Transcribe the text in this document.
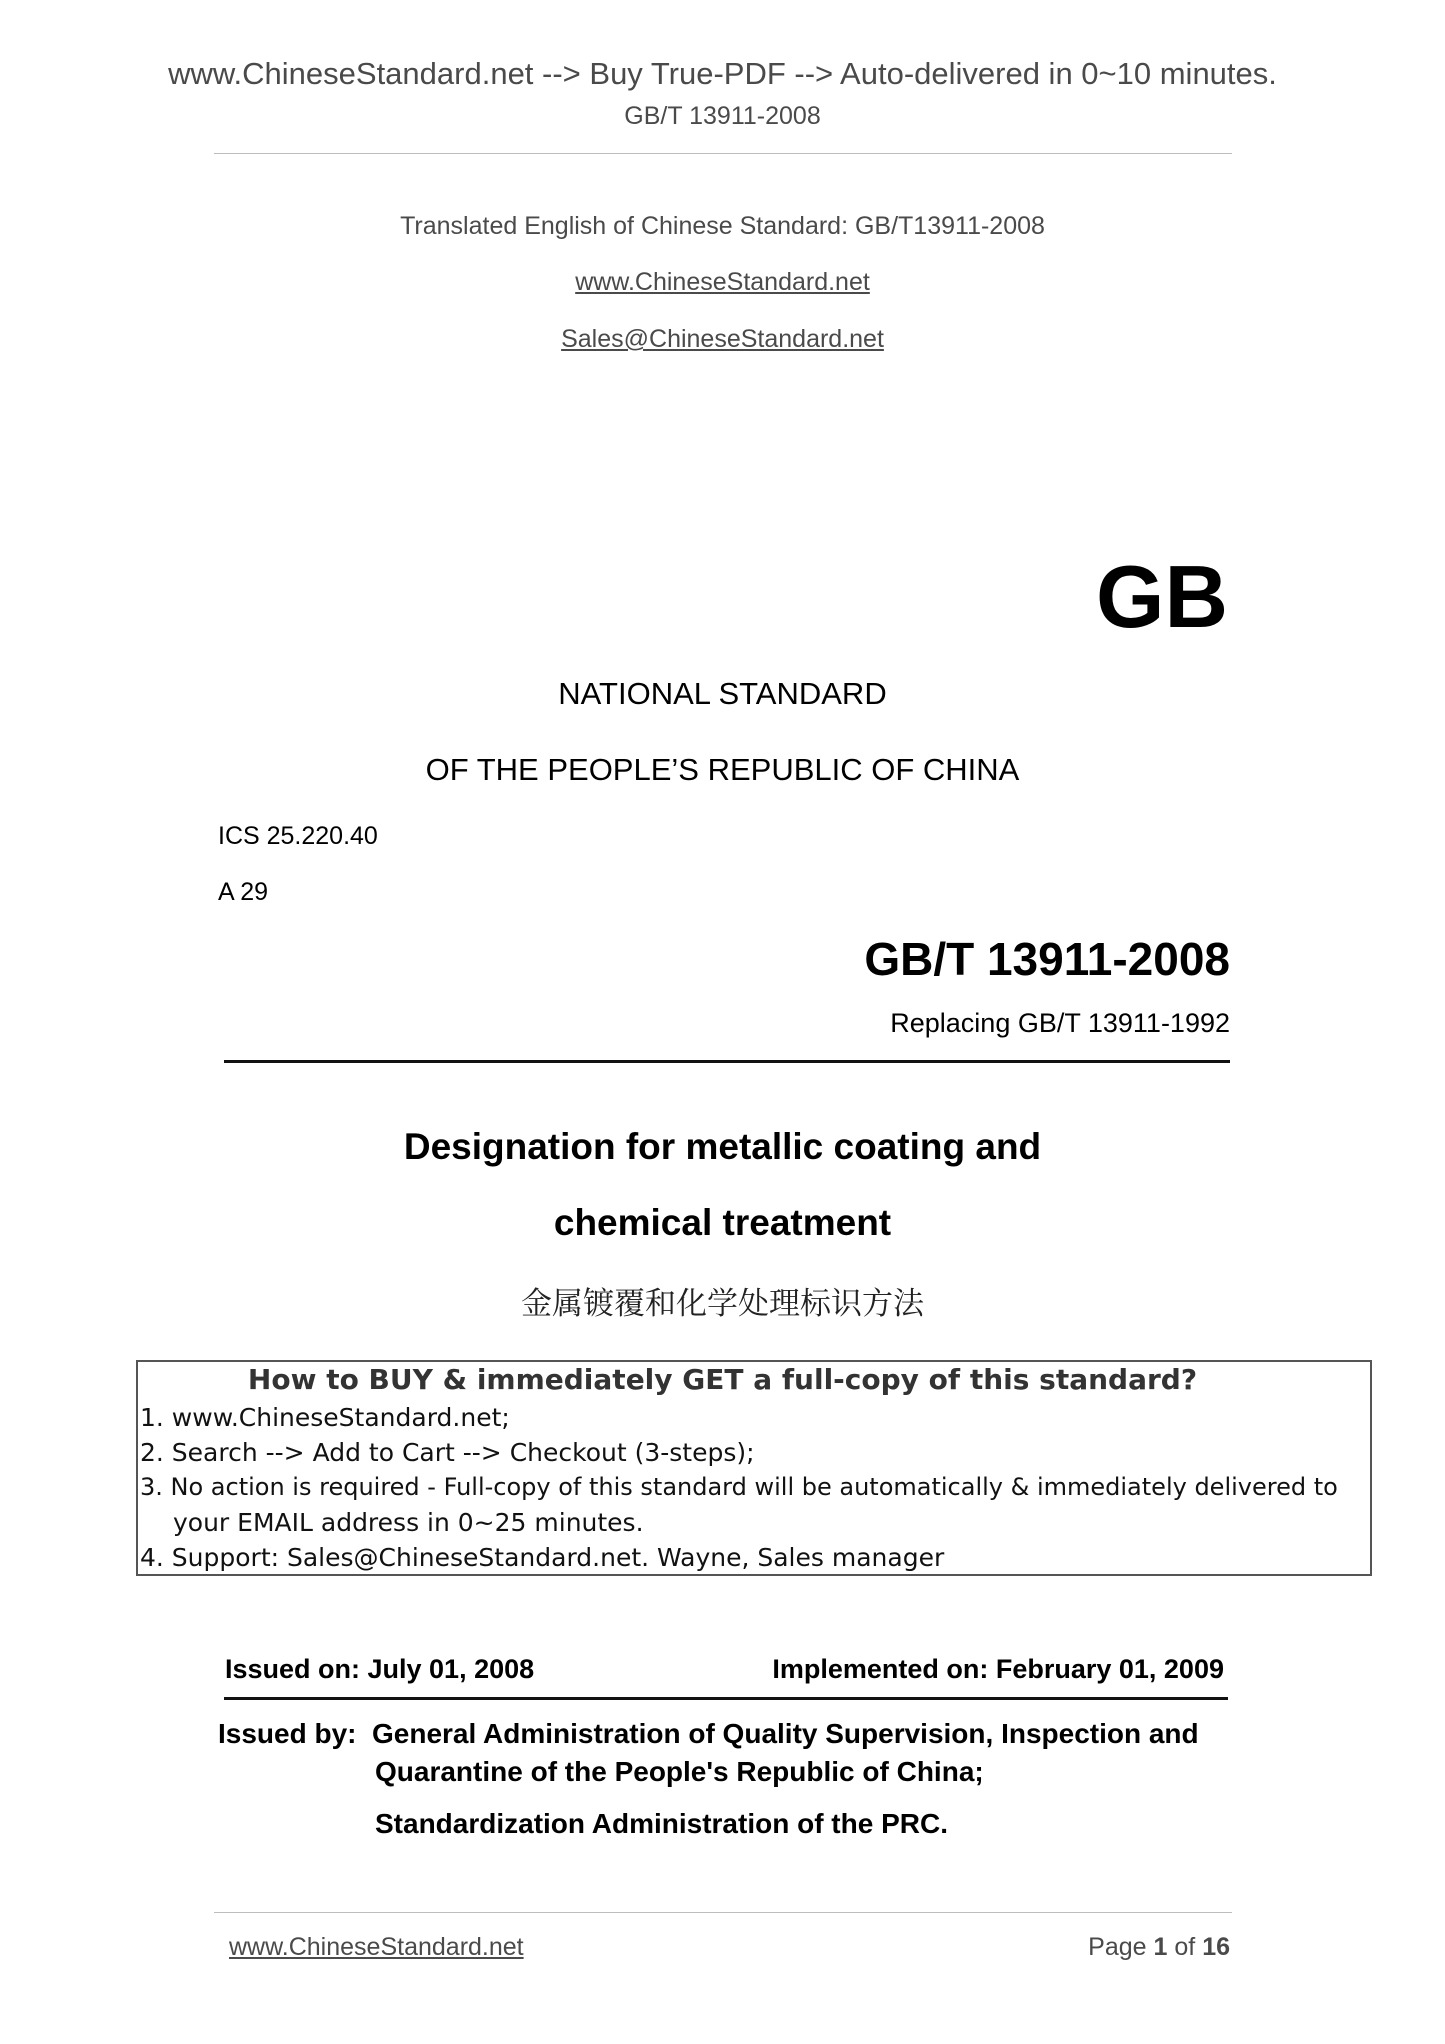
www.ChineseStandard.net --> Buy True-PDF --> Auto-delivered in 0~10 minutes.
GB/T 13911-2008
Translated English of Chinese Standard: GB/T13911-2008
www.ChineseStandard.net
Sales@ChineseStandard.net
GB
NATIONAL STANDARD
OF THE PEOPLE’S REPUBLIC OF CHINA
ICS 25.220.40
A 29
GB/T 13911-2008
Replacing GB/T 13911-1992
Designation for metallic coating and
chemical treatment
金属镀覆和化学处理标识方法
How to BUY & immediately GET a full-copy of this standard?
1. www.ChineseStandard.net;
2. Search --> Add to Cart --> Checkout (3-steps);
3. No action is required - Full-copy of this standard will be automatically & immediately delivered to
your EMAIL address in 0~25 minutes.
4. Support: Sales@ChineseStandard.net. Wayne, Sales manager
Issued on: July 01, 2008	Implemented on: February 01, 2009
Issued by: General Administration of Quality Supervision, Inspection and
Quarantine of the People's Republic of China;
Standardization Administration of the PRC.
www.ChineseStandard.net	Page 1 of 16
